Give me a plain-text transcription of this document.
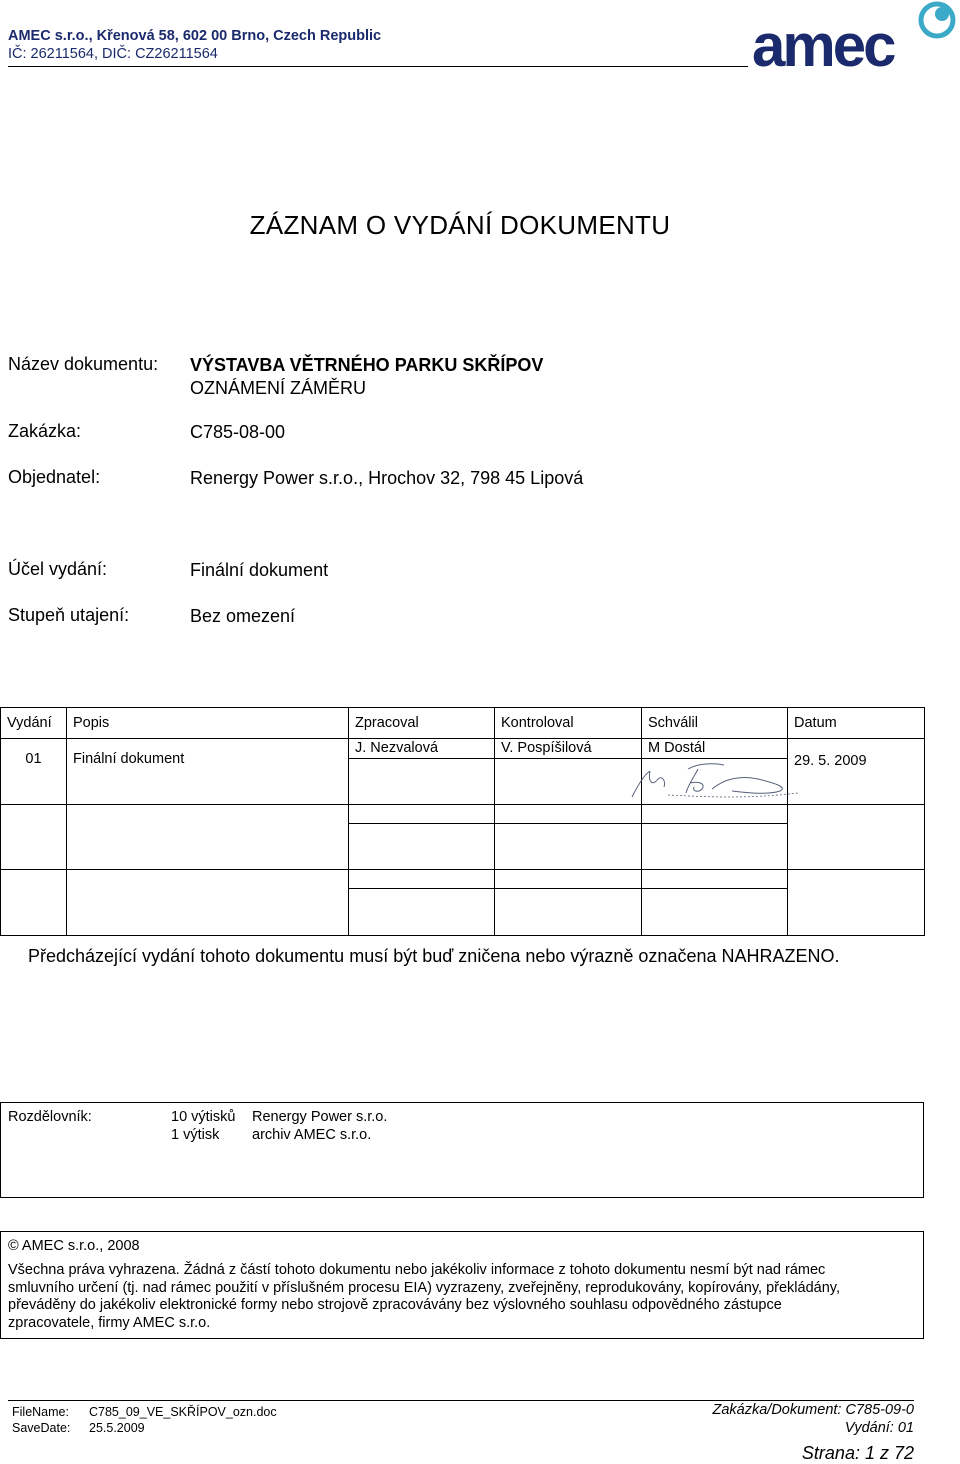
AMEC s.r.o., Křenová 58, 602 00 Brno, Czech Republic
IČ: 26211564, DIČ: CZ26211564	amec
ZÁZNAM O VYDÁNÍ DOKUMENTU
Název dokumentu: VÝSTAVBA VĚTRNÉHO PARKU SKŘÍPOV
OZNÁMENÍ ZÁMĚRU
Zakázka:	C785-08-00
Objednatel:	Renergy Power s.r.o., Hrochov 32, 798 45 Lipová
Účel vydání:	Finální dokument
Stupeň utajení:	Bez omezení
Vydání	Popis	Zpracoval	Kontroloval	Schválil	Datum
01	Finální dokument	J. Nezvalová	V. Pospíšilová	M Dostál	29. 5. 2009

Předcházející vydání tohoto dokumentu musí být buď zničena nebo výrazně označena NAHRAZENO.
Rozdělovník:	10 výtisků Renergy Power s.r.o.
1 výtisk archiv AMEC s.r.o.
© AMEC s.r.o., 2008
Všechna práva vyhrazena. Žádná z částí tohoto dokumentu nebo jakékoliv informace z tohoto dokumentu nesmí být nad rámec
smluvního určení (tj. nad rámec použití v příslušném procesu EIA) vyzrazeny, zveřejněny, reprodukovány, kopírovány, překládány,
převáděny do jakékoliv elektronické formy nebo strojově zpracovávány bez výslovného souhlasu odpovědného zástupce
zpracovatele, firmy AMEC s.r.o.
FileName: C785_09_VE_SKŘÍPOV_ozn.doc
SaveDate: 25.5.2009
Zakázka/Dokument: C785-09-0
Vydání: 01
Strana: 1 z 72
